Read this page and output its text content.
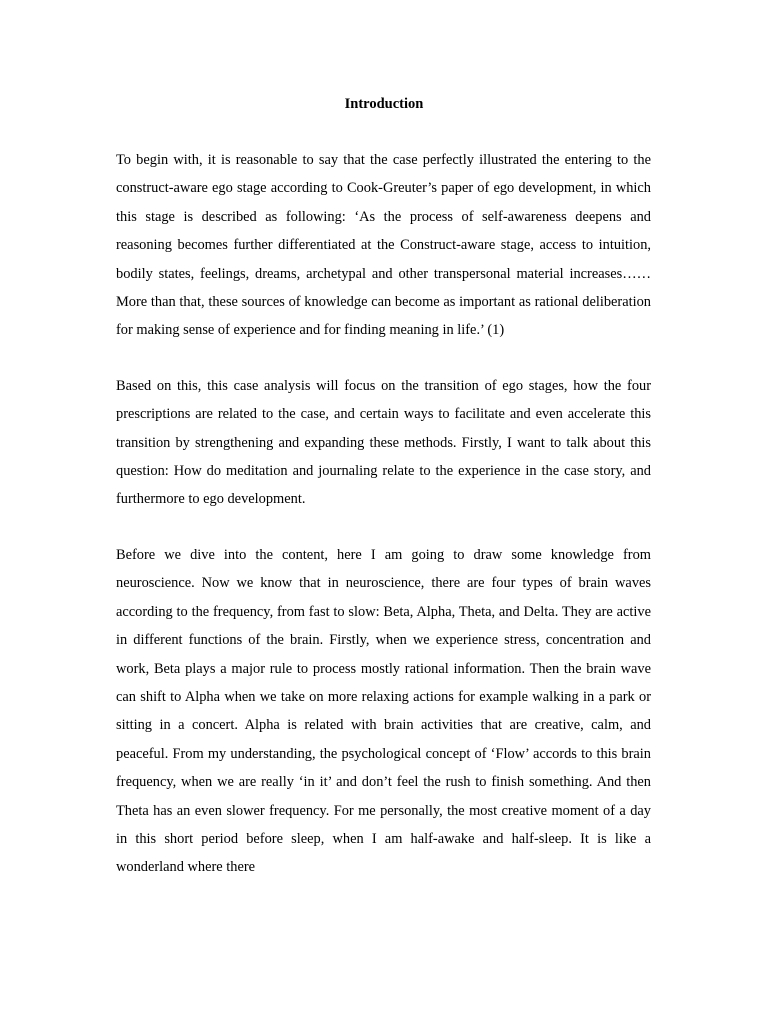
Introduction

To begin with, it is reasonable to say that the case perfectly illustrated the entering to the construct-aware ego stage according to Cook-Greuter’s paper of ego development, in which this stage is described as following: ‘As the process of self-awareness deepens and reasoning becomes further differentiated at the Construct-aware stage, access to intuition, bodily states, feelings, dreams, archetypal and other transpersonal material increases……More than that, these sources of knowledge can become as important as rational deliberation for making sense of experience and for finding meaning in life.’ (1)

Based on this, this case analysis will focus on the transition of ego stages, how the four prescriptions are related to the case, and certain ways to facilitate and even accelerate this transition by strengthening and expanding these methods. Firstly, I want to talk about this question: How do meditation and journaling relate to the experience in the case story, and furthermore to ego development.

Before we dive into the content, here I am going to draw some knowledge from neuroscience. Now we know that in neuroscience, there are four types of brain waves according to the frequency, from fast to slow: Beta, Alpha, Theta, and Delta. They are active in different functions of the brain. Firstly, when we experience stress, concentration and work, Beta plays a major rule to process mostly rational information. Then the brain wave can shift to Alpha when we take on more relaxing actions for example walking in a park or sitting in a concert. Alpha is related with brain activities that are creative, calm, and peaceful. From my understanding, the psychological concept of ‘Flow’ accords to this brain frequency, when we are really ‘in it’ and don’t feel the rush to finish something. And then Theta has an even slower frequency. For me personally, the most creative moment of a day in this short period before sleep, when I am half-awake and half-sleep. It is like a wonderland where there
